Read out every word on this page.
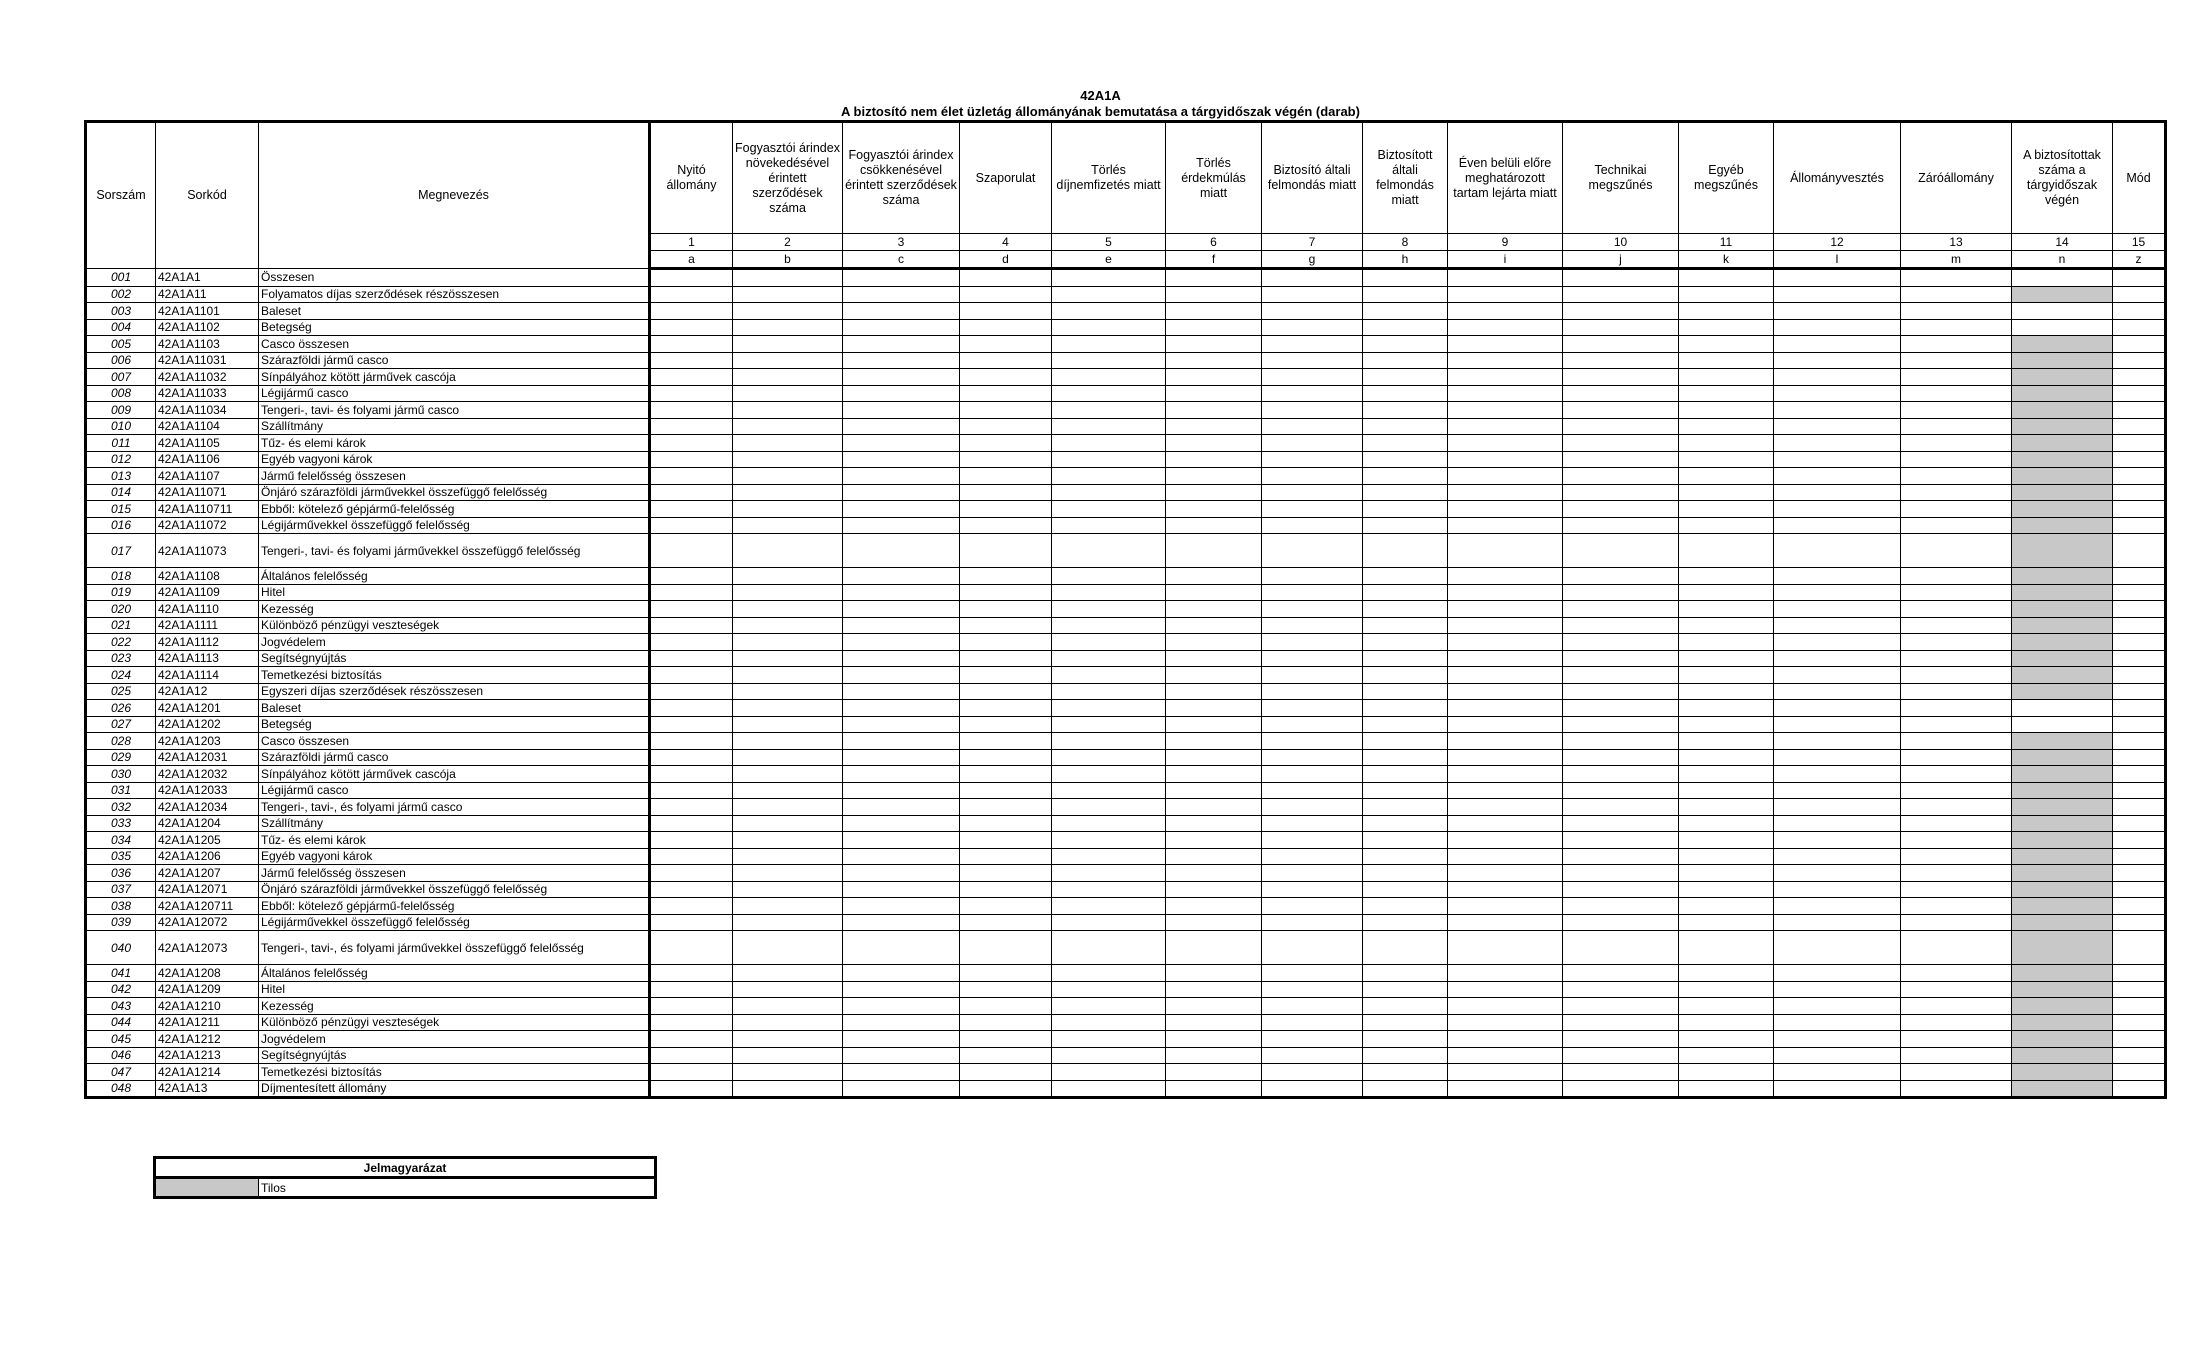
42A1A
A biztosító nem élet üzletág állományának bemutatása a tárgyidőszak végén (darab)
Sorszám	Sorkód	Megnevezés	Nyitó állomány	Fogyasztói árindex növekedésével érintett szerződések száma	Fogyasztói árindex csökkenésével érintett szerződések száma	Szaporulat	Törlés díjnemfizetés miatt	Törlés érdekmúlás miatt	Biztosító általi felmondás miatt	Biztosított általi felmondás miatt	Éven belüli előre meghatározott tartam lejárta miatt	Technikai megszűnés	Egyéb megszűnés	Állományvesztés	Záróállomány	A biztosítottak száma a tárgyidőszak végén	Mód
			1	2	3	4	5	6	7	8	9	10	11	12	13	14	15
			a	b	c	d	e	f	g	h	i	j	k	l	m	n	z
001	42A1A1	Összesen															
002	42A1A11	Folyamatos díjas szerződések részösszesen															
003	42A1A1101	Baleset															
004	42A1A1102	Betegség															
005	42A1A1103	Casco összesen															
006	42A1A11031	Szárazföldi jármű casco															
007	42A1A11032	Sínpályához kötött járművek cascója															
008	42A1A11033	Légijármű casco															
009	42A1A11034	Tengeri-, tavi- és folyami jármű casco															
010	42A1A1104	Szállítmány															
011	42A1A1105	Tűz- és elemi károk															
012	42A1A1106	Egyéb vagyoni károk															
013	42A1A1107	Jármű felelősség összesen															
014	42A1A11071	Önjáró szárazföldi járművekkel összefüggő felelősség															
015	42A1A110711	Ebből: kötelező gépjármű-felelősség															
016	42A1A11072	Légijárművekkel összefüggő felelősség															
017	42A1A11073	Tengeri-, tavi- és folyami járművekkel összefüggő felelősség															
018	42A1A1108	Általános felelősség															
019	42A1A1109	Hitel															
020	42A1A1110	Kezesség															
021	42A1A1111	Különböző pénzügyi veszteségek															
022	42A1A1112	Jogvédelem															
023	42A1A1113	Segítségnyújtás															
024	42A1A1114	Temetkezési biztosítás															
025	42A1A12	Egyszeri díjas szerződések részösszesen															
026	42A1A1201	Baleset															
027	42A1A1202	Betegség															
028	42A1A1203	Casco összesen															
029	42A1A12031	Szárazföldi jármű casco															
030	42A1A12032	Sínpályához kötött járművek cascója															
031	42A1A12033	Légijármű casco															
032	42A1A12034	Tengeri-, tavi-, és folyami jármű casco															
033	42A1A1204	Szállítmány															
034	42A1A1205	Tűz- és elemi károk															
035	42A1A1206	Egyéb vagyoni károk															
036	42A1A1207	Jármű felelősség összesen															
037	42A1A12071	Önjáró szárazföldi járművekkel összefüggő felelősség															
038	42A1A120711	Ebből: kötelező gépjármű-felelősség															
039	42A1A12072	Légijárművekkel összefüggő felelősség															
040	42A1A12073	Tengeri-, tavi-, és folyami járművekkel összefüggő felelősség															
041	42A1A1208	Általános felelősség															
042	42A1A1209	Hitel															
043	42A1A1210	Kezesség															
044	42A1A1211	Különböző pénzügyi veszteségek															
045	42A1A1212	Jogvédelem															
046	42A1A1213	Segítségnyújtás															
047	42A1A1214	Temetkezési biztosítás															
048	42A1A13	Díjmentesített állomány															
Jelmagyarázat
	Tilos
